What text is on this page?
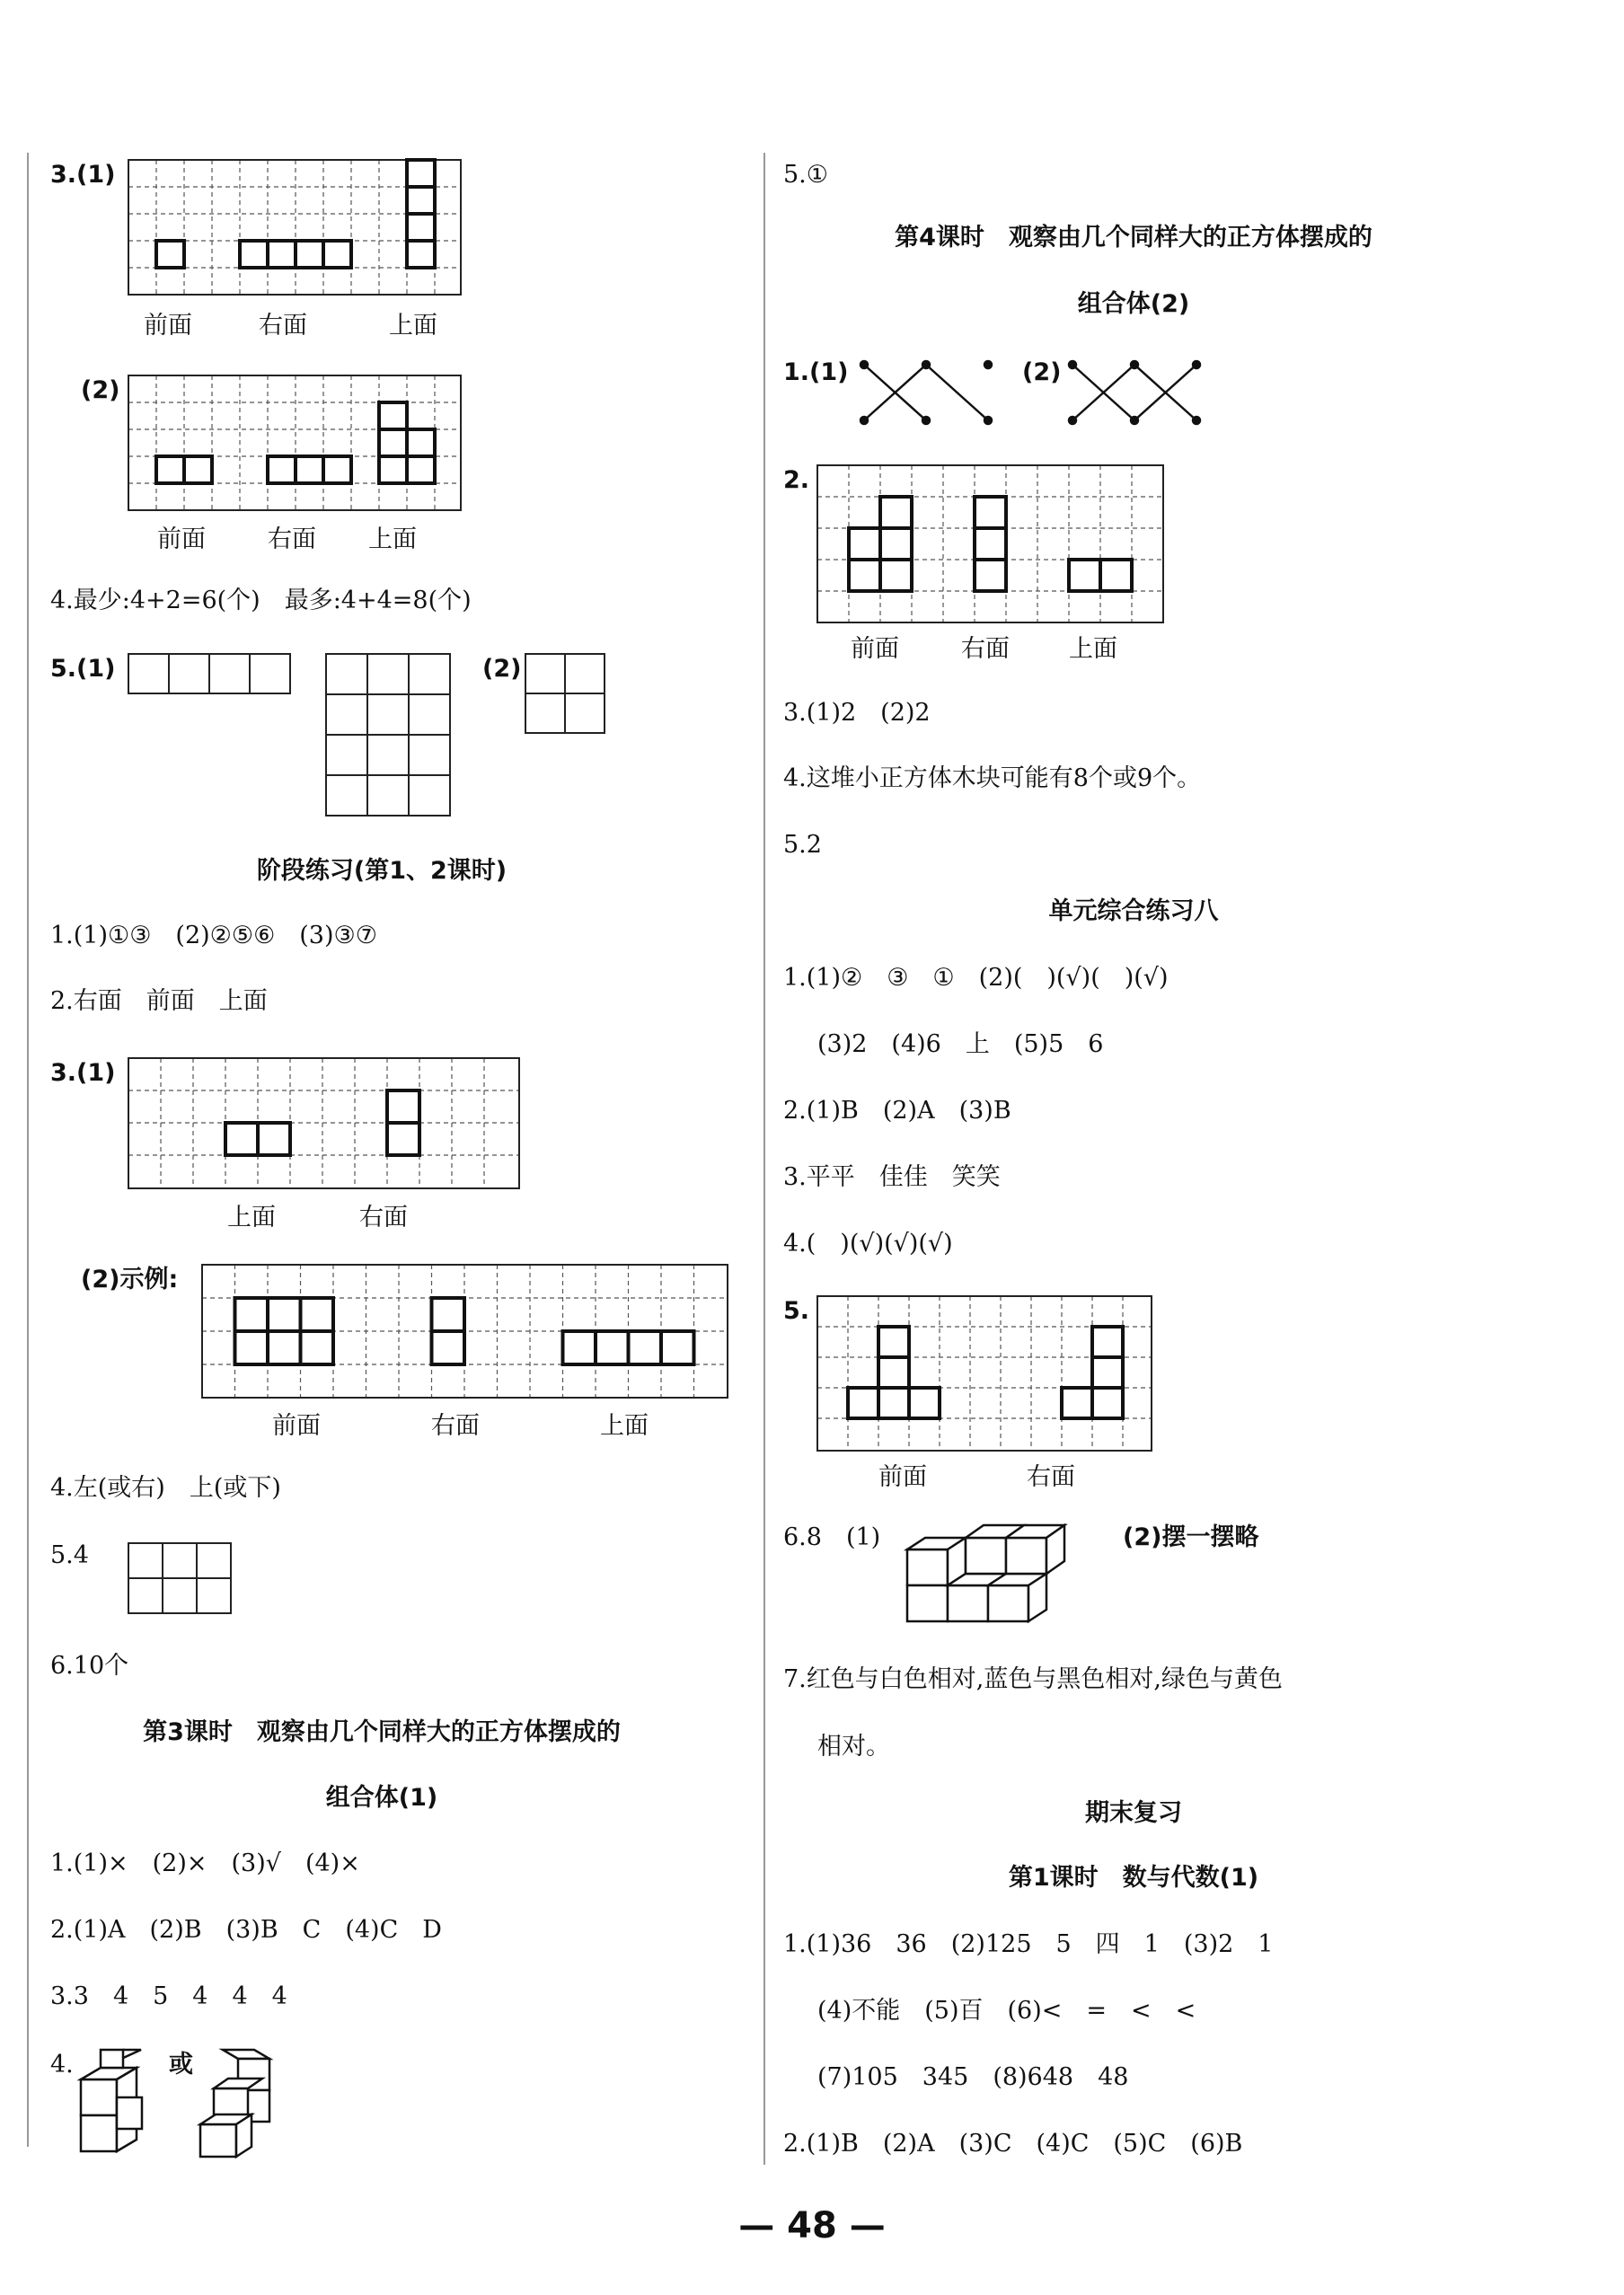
3.(1)
前面	右面	上面
(2)
前面	右面 上面
4.最少:4+2=6(个)　最多:4+4=8(个)
5.(1)	(2)
阶段练习(第1、2课时)
1.(1)①③　(2)②⑤⑥　(3)③⑦
2.右面　前面　上面
3.(1)
上面	右面
(2)示例:
前面	右面	上面
4.左(或右)　上(或下)
5.4
6.10个
第3课时　观察由几个同样大的正方体摆成的
组合体(1)
1.(1)×　(2)×　(3)√　(4)×
2.(1)A　(2)B　(3)B　C　(4)C　D
3.3　4　5　4　4　4
4.	或
5.①
第4课时　观察由几个同样大的正方体摆成的
组合体(2)
1.(1)	(2)
2.
前面	右面 上面
3.(1)2　(2)2
4.这堆小正方体木块可能有8个或9个。
5.2
单元综合练习八
1.(1)②　③　①　(2)(　)(√)(　)(√)
(3)2　(4)6　上　(5)5　6
2.(1)B　(2)A　(3)B
3.平平　佳佳　笑笑
4.(　)(√)(√)(√)
5.
前面	右面
6.8　(1)	(2)摆一摆略
7.红色与白色相对,蓝色与黑色相对,绿色与黄色
相对。
期末复习
第1课时　数与代数(1)
1.(1)36　36　(2)125　5　四　1　(3)2　1
(4)不能　(5)百　(6)<　=　<　<
(7)105　345　(8)648　48
2.(1)B　(2)A　(3)C　(4)C　(5)C　(6)B
— 48 —
